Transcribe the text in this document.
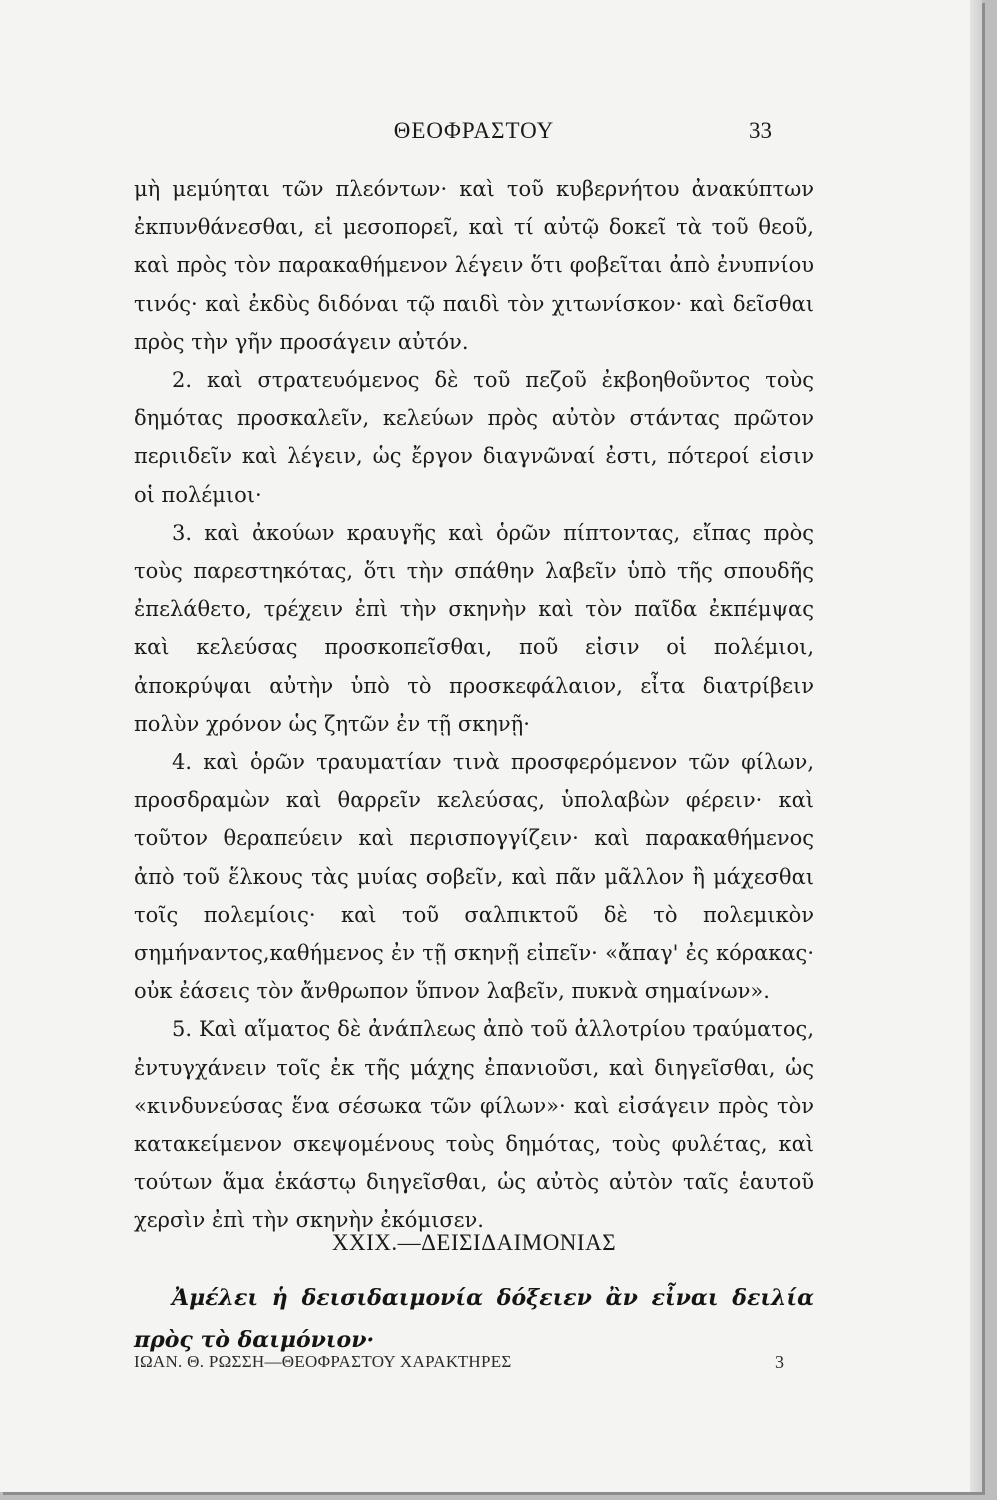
ΘΕΟΦΡΑΣΤΟΥ	33

μὴ μεμύηται τῶν πλεόντων· καὶ τοῦ κυβερνήτου ἀνακύπτων ἐκπυνθάνεσθαι, εἰ μεσοπορεῖ, καὶ τί αὐτῷ δοκεῖ τὰ τοῦ θεοῦ, καὶ πρὸς τὸν παρακαθήμενον λέγειν ὅτι φοβεῖται ἀπὸ ἐνυπνίου τινός· καὶ ἐκδὺς διδόναι τῷ παιδὶ τὸν χιτωνίσκον· καὶ δεῖσθαι πρὸς τὴν γῆν προσάγειν αὐτόν.

2. καὶ στρατευόμενος δὲ τοῦ πεζοῦ ἐκβοηθοῦντος τοὺς δημότας προσκαλεῖν, κελεύων πρὸς αὐτὸν στάντας πρῶτον περιιδεῖν καὶ λέγειν, ὡς ἔργον διαγνῶναί ἐστι, πότεροί εἰσιν οἱ πολέμιοι·

3. καὶ ἀκούων κραυγῆς καὶ ὁρῶν πίπτοντας, εἴπας πρὸς τοὺς παρεστηκότας, ὅτι τὴν σπάθην λαβεῖν ὑπὸ τῆς σπουδῆς ἐπελάθετο, τρέχειν ἐπὶ τὴν σκηνὴν καὶ τὸν παῖδα ἐκπέμψας καὶ κελεύσας προσκοπεῖσθαι, ποῦ εἰσιν οἱ πολέμιοι, ἀποκρύψαι αὐτὴν ὑπὸ τὸ προσκεφάλαιον, εἶτα διατρίβειν πολὺν χρόνον ὡς ζητῶν ἐν τῇ σκηνῇ·

4. καὶ ὁρῶν τραυματίαν τινὰ προσφερόμενον τῶν φίλων, προσδραμὼν καὶ θαρρεῖν κελεύσας, ὑπολαβὼν φέρειν· καὶ τοῦτον θεραπεύειν καὶ περισπογγίζειν· καὶ παρακαθήμενος ἀπὸ τοῦ ἕλκους τὰς μυίας σοβεῖν, καὶ πᾶν μᾶλλον ἢ μάχεσθαι τοῖς πολεμίοις· καὶ τοῦ σαλπικτοῦ δὲ τὸ πολεμικὸν σημήναντος,καθήμενος ἐν τῇ σκηνῇ εἰπεῖν· «ἄπαγ' ἐς κόρακας· οὐκ ἐάσεις τὸν ἄνθρωπον ὕπνον λαβεῖν, πυκνὰ σημαίνων».

5. Καὶ αἵματος δὲ ἀνάπλεως ἀπὸ τοῦ ἀλλοτρίου τραύματος, ἐντυγχάνειν τοῖς ἐκ τῆς μάχης ἐπανιοῦσι, καὶ διηγεῖσθαι, ὡς «κινδυνεύσας ἕνα σέσωκα τῶν φίλων»· καὶ εἰσάγειν πρὸς τὸν κατακείμενον σκεψομένους τοὺς δημότας, τοὺς φυλέτας, καὶ τούτων ἅμα ἑκάστῳ διηγεῖσθαι, ὡς αὐτὸς αὐτὸν ταῖς ἑαυτοῦ χερσὶν ἐπὶ τὴν σκηνὴν ἐκόμισεν.

XXIX.—ΔΕΙΣΙΔΑΙΜΟΝΙΑΣ
Ἀμέλει ἡ δεισιδαιμονία δόξειεν ἂν εἶναι δειλία πρὸς τὸ δαιμόνιον·
ΙΩΑΝ. Θ. ΡΩΣΣΗ—ΘΕΟΦΡΑΣΤΟΥ ΧΑΡΑΚΤΗΡΕΣ	3
